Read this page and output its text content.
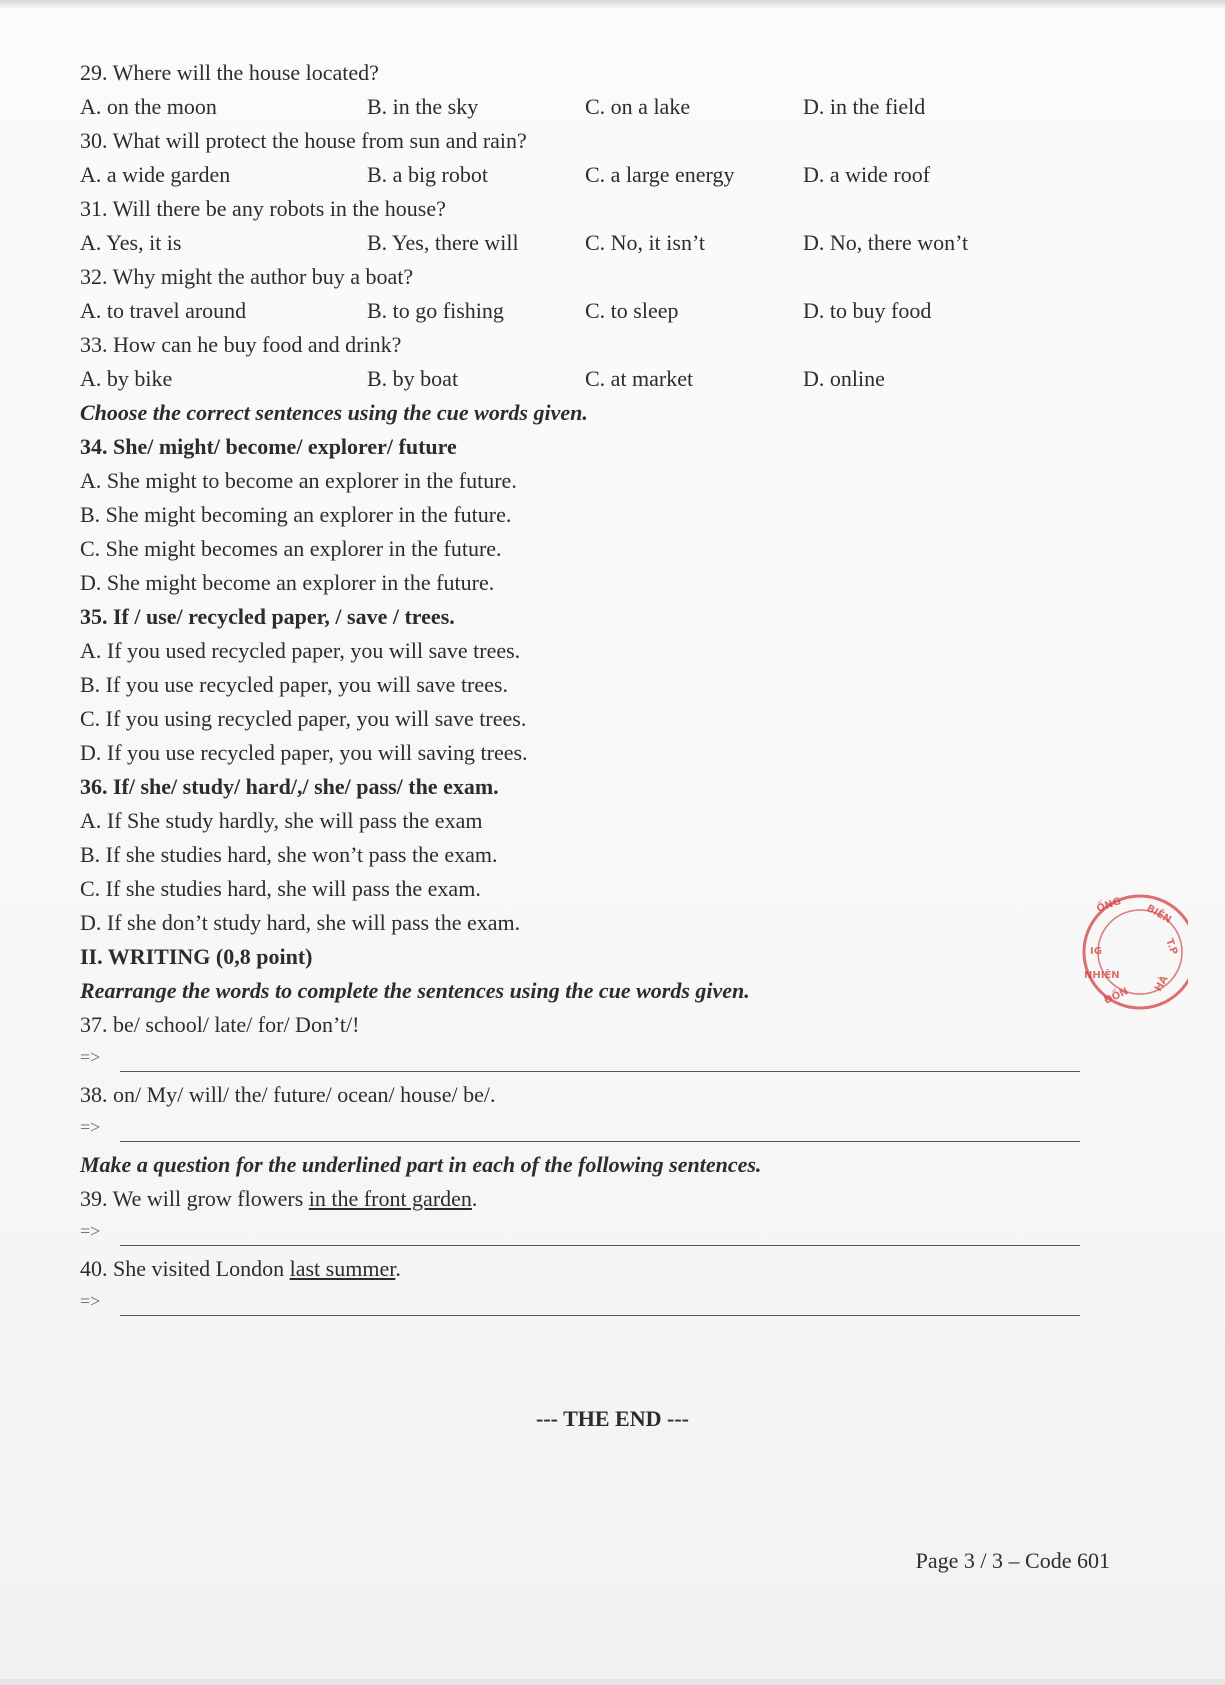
29. Where will the house located?
A. on the moon	B. in the sky	C. on a lake	D. in the field
30. What will protect the house from sun and rain?
A. a wide garden	B. a big robot	C. a large energy	D. a wide roof
31. Will there be any robots in the house?
A. Yes, it is	B. Yes, there will	C. No, it isn’t	D. No, there won’t
32. Why might the author buy a boat?
A. to travel around	B. to go fishing	C. to sleep	D. to buy food
33. How can he buy food and drink?
A. by bike	B. by boat	C. at market	D. online
Choose the correct sentences using the cue words given.
34. She/ might/ become/ explorer/ future
A. She might to become an explorer in the future.
B. She might becoming an explorer in the future.
C. She might becomes an explorer in the future.
D. She might become an explorer in the future.
35. If / use/ recycled paper, / save / trees.
A. If you used recycled paper, you will save trees.
B. If you use recycled paper, you will save trees.
C. If you using recycled paper, you will save trees.
D. If you use recycled paper, you will saving trees.
36. If/ she/ study/ hard/,/ she/ pass/ the exam.
A. If She study hardly, she will pass the exam
B. If she studies hard, she won’t pass the exam.
C. If she studies hard, she will pass the exam.
D. If she don’t study hard, she will pass the exam.
II. WRITING (0,8 point)
Rearrange the words to complete the sentences using the cue words given.
37. be/ school/ late/ for/ Don’t/!
=>
38. on/ My/ will/ the/ future/ ocean/ house/ be/.
=>
Make a question for the underlined part in each of the following sentences.
39. We will grow flowers in the front garden.
=>
40. She visited London last summer.
=>
--- THE END ---
Page 3 / 3 – Code 601
ỐNG BIÊN
T.P
IG
NHIÊN
ĐỒN
HÀ
